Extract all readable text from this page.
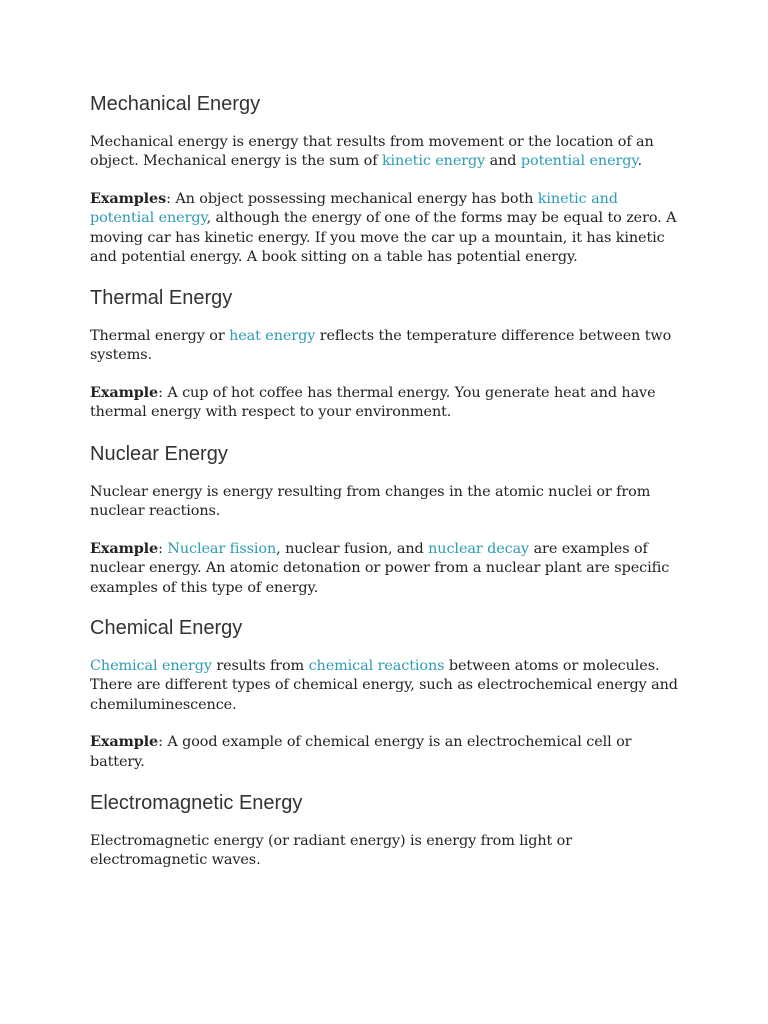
Mechanical Energy

Mechanical energy is energy that results from movement or the location of an object. Mechanical energy is the sum of kinetic energy and potential energy.

Examples: An object possessing mechanical energy has both kinetic and potential energy, although the energy of one of the forms may be equal to zero. A moving car has kinetic energy. If you move the car up a mountain, it has kinetic and potential energy. A book sitting on a table has potential energy.

Thermal Energy

Thermal energy or heat energy reflects the temperature difference between two systems.

Example: A cup of hot coffee has thermal energy. You generate heat and have thermal energy with respect to your environment.

Nuclear Energy

Nuclear energy is energy resulting from changes in the atomic nuclei or from nuclear reactions.

Example: Nuclear fission, nuclear fusion, and nuclear decay are examples of nuclear energy. An atomic detonation or power from a nuclear plant are specific examples of this type of energy.

Chemical Energy

Chemical energy results from chemical reactions between atoms or molecules. There are different types of chemical energy, such as electrochemical energy and chemiluminescence.

Example: A good example of chemical energy is an electrochemical cell or battery.

Electromagnetic Energy

Electromagnetic energy (or radiant energy) is energy from light or electromagnetic waves.
